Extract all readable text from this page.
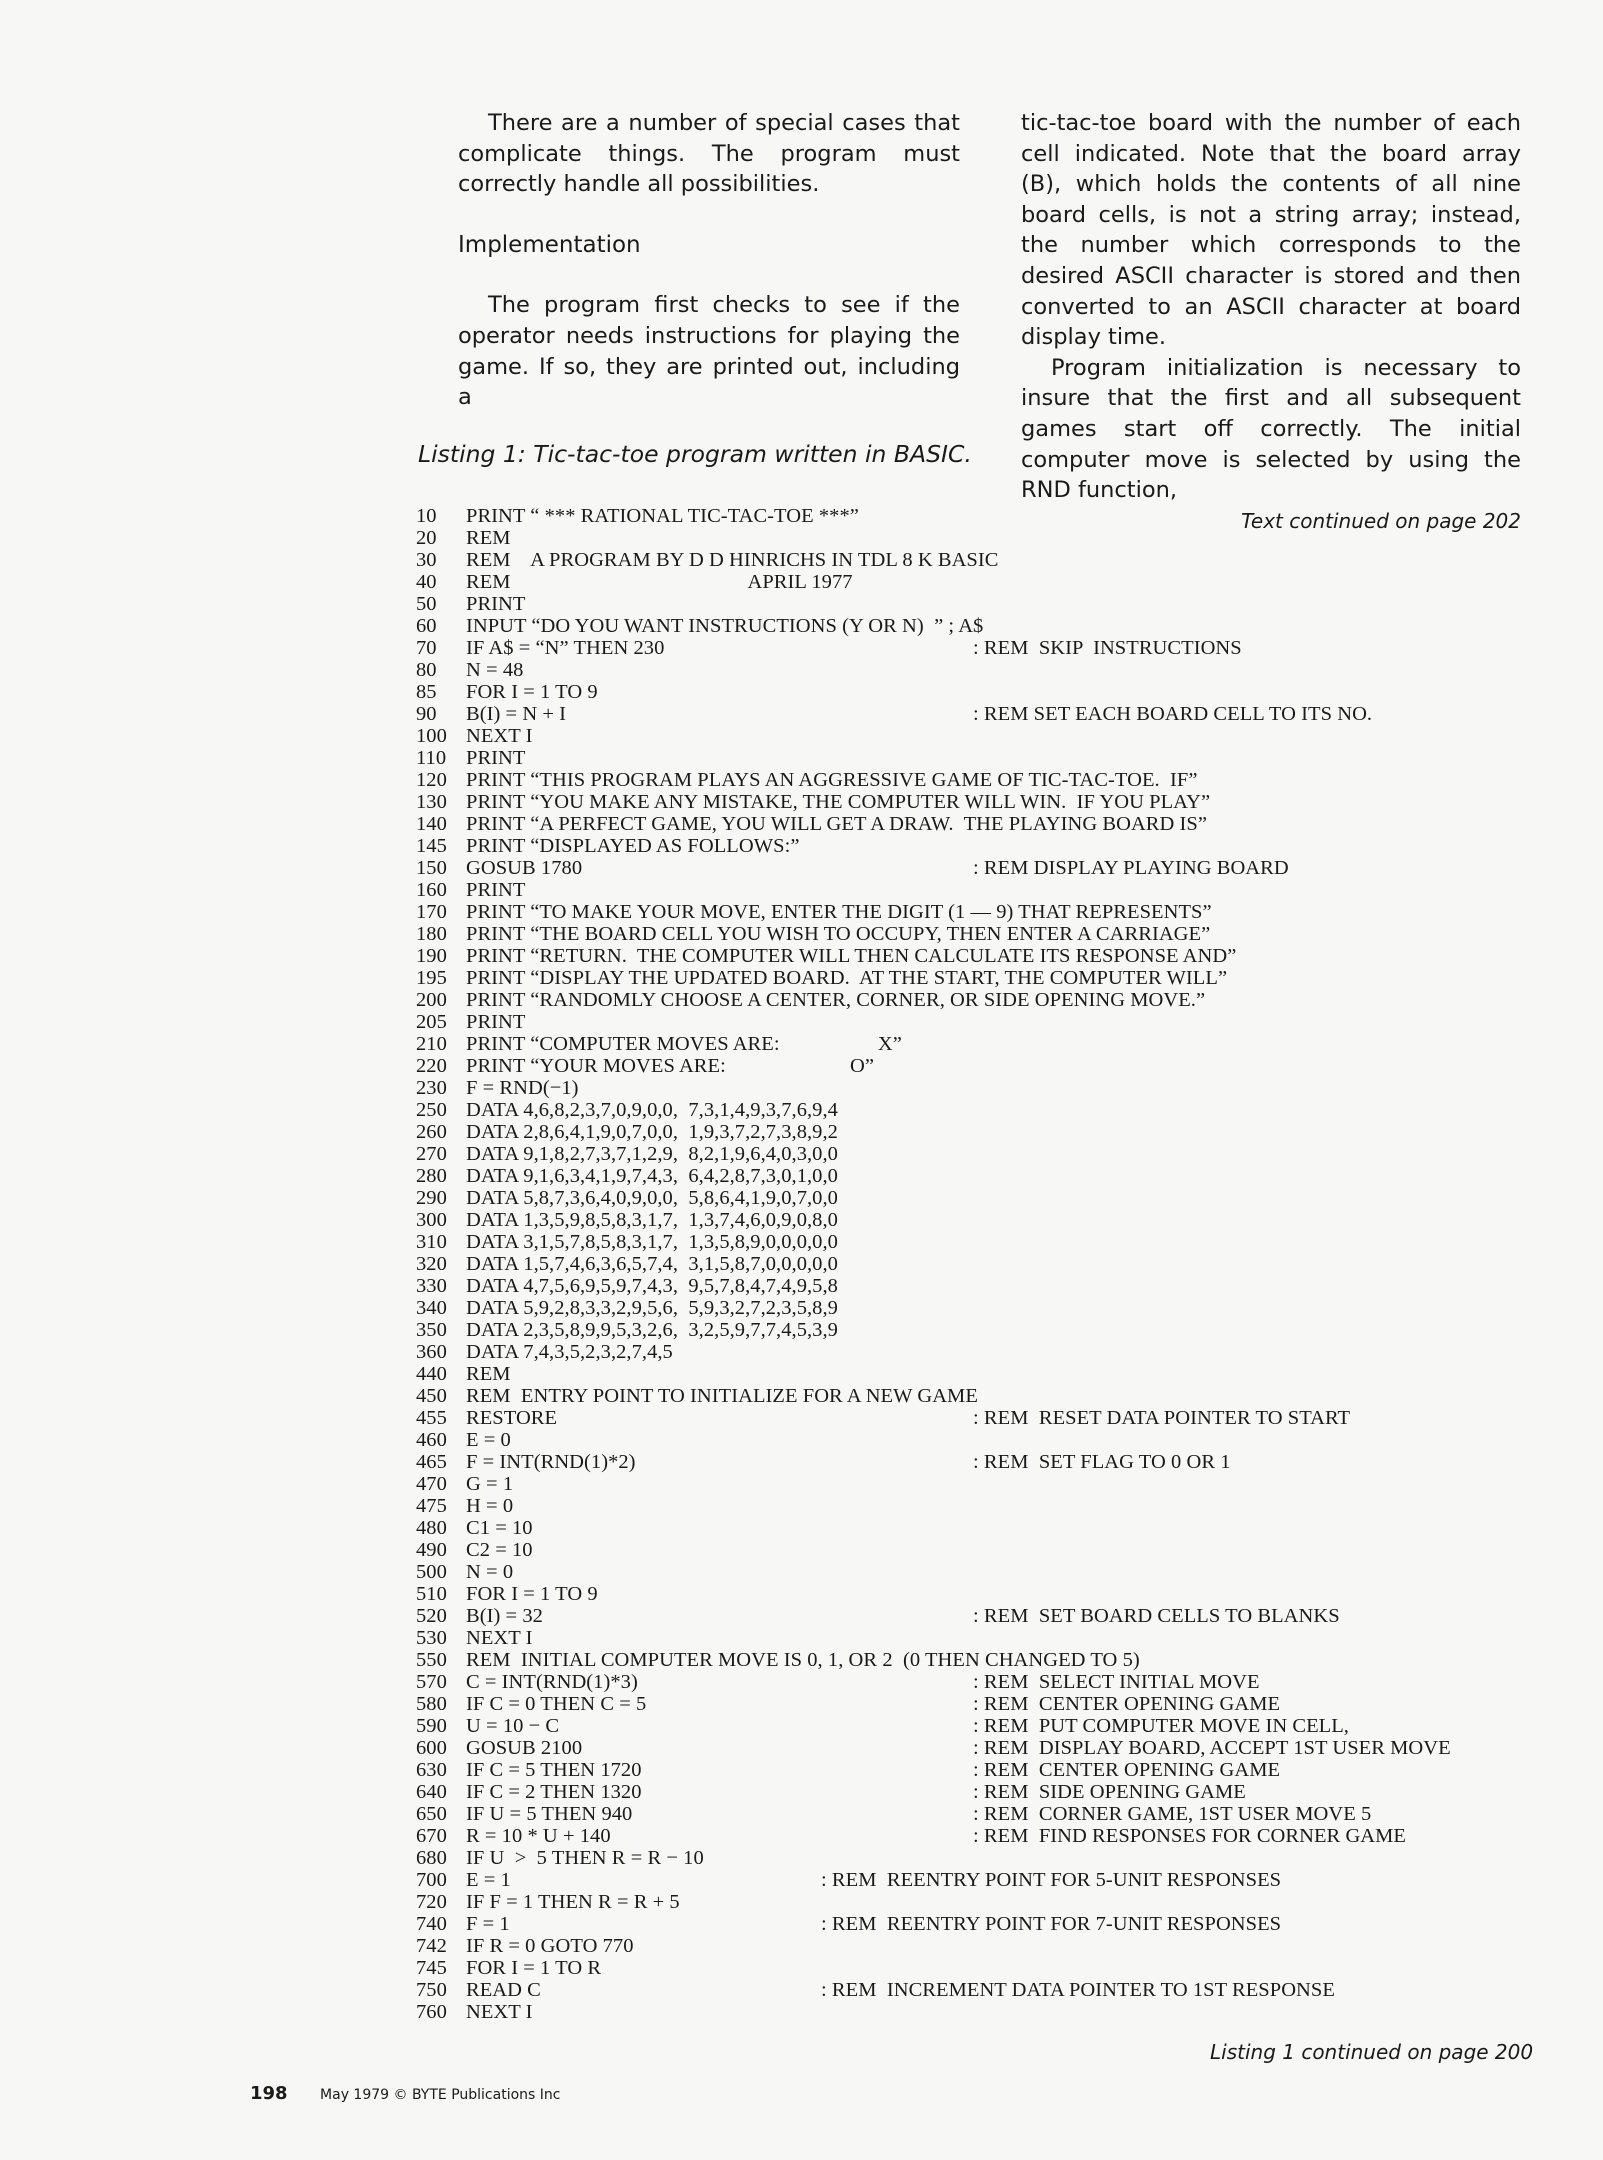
There are a number of special cases that complicate things. The program must correctly handle all possibilities.

Implementation

The program first checks to see if the operator needs instructions for playing the game. If so, they are printed out, including a

tic-tac-toe board with the number of each cell indicated. Note that the board array (B), which holds the contents of all nine board cells, is not a string array; instead, the number which corresponds to the desired ASCII character is stored and then converted to an ASCII character at board display time.

Program initialization is necessary to insure that the first and all subsequent games start off correctly. The initial computer move is selected by using the RND function,

Text continued on page 202

Listing 1: Tic-tac-toe program written in BASIC.
10	PRINT “ *** RATIONAL TIC-TAC-TOE ***”
20	REM
30	REM    A PROGRAM BY D D HINRICHS IN TDL 8 K BASIC
40	REM                                              APRIL 1977
50	PRINT
60	INPUT “DO YOU WANT INSTRUCTIONS (Y OR N)  ” ; A$
70	IF A$ = “N” THEN 230	: REM  SKIP  INSTRUCTIONS
80	N = 48
85	FOR I = 1 TO 9
90	B(I) = N + I	: REM SET EACH BOARD CELL TO ITS NO.
100 NEXT I
110 PRINT
120 PRINT “THIS PROGRAM PLAYS AN AGGRESSIVE GAME OF TIC-TAC-TOE.  IF”
130 PRINT “YOU MAKE ANY MISTAKE, THE COMPUTER WILL WIN.  IF YOU PLAY”
140 PRINT “A PERFECT GAME, YOU WILL GET A DRAW.  THE PLAYING BOARD IS”
145 PRINT “DISPLAYED AS FOLLOWS:”
150 GOSUB 1780	: REM DISPLAY PLAYING BOARD
160 PRINT
170 PRINT “TO MAKE YOUR MOVE, ENTER THE DIGIT (1 — 9) THAT REPRESENTS”
180 PRINT “THE BOARD CELL YOU WISH TO OCCUPY, THEN ENTER A CARRIAGE”
190 PRINT “RETURN.  THE COMPUTER WILL THEN CALCULATE ITS RESPONSE AND”
195 PRINT “DISPLAY THE UPDATED BOARD.  AT THE START, THE COMPUTER WILL”
200 PRINT “RANDOMLY CHOOSE A CENTER, CORNER, OR SIDE OPENING MOVE.”
205 PRINT
210 PRINT “COMPUTER MOVES ARE:                   X”
220 PRINT “YOUR MOVES ARE:                        O”
230 F = RND(−1)
250 DATA 4,6,8,2,3,7,0,9,0,0,  7,3,1,4,9,3,7,6,9,4
260 DATA 2,8,6,4,1,9,0,7,0,0,  1,9,3,7,2,7,3,8,9,2
270 DATA 9,1,8,2,7,3,7,1,2,9,  8,2,1,9,6,4,0,3,0,0
280 DATA 9,1,6,3,4,1,9,7,4,3,  6,4,2,8,7,3,0,1,0,0
290 DATA 5,8,7,3,6,4,0,9,0,0,  5,8,6,4,1,9,0,7,0,0
300 DATA 1,3,5,9,8,5,8,3,1,7,  1,3,7,4,6,0,9,0,8,0
310 DATA 3,1,5,7,8,5,8,3,1,7,  1,3,5,8,9,0,0,0,0,0
320 DATA 1,5,7,4,6,3,6,5,7,4,  3,1,5,8,7,0,0,0,0,0
330 DATA 4,7,5,6,9,5,9,7,4,3,  9,5,7,8,4,7,4,9,5,8
340 DATA 5,9,2,8,3,3,2,9,5,6,  5,9,3,2,7,2,3,5,8,9
350 DATA 2,3,5,8,9,9,5,3,2,6,  3,2,5,9,7,7,4,5,3,9
360 DATA 7,4,3,5,2,3,2,7,4,5
440 REM
450 REM  ENTRY POINT TO INITIALIZE FOR A NEW GAME
455 RESTORE	: REM  RESET DATA POINTER TO START
460 E = 0
465 F = INT(RND(1)*2)	: REM  SET FLAG TO 0 OR 1
470 G = 1
475 H = 0
480 C1 = 10
490 C2 = 10
500 N = 0
510 FOR I = 1 TO 9
520 B(I) = 32	: REM  SET BOARD CELLS TO BLANKS
530 NEXT I
550 REM  INITIAL COMPUTER MOVE IS 0, 1, OR 2  (0 THEN CHANGED TO 5)
570 C = INT(RND(1)*3)	: REM  SELECT INITIAL MOVE
580 IF C = 0 THEN C = 5	: REM  CENTER OPENING GAME
590 U = 10 − C	: REM  PUT COMPUTER MOVE IN CELL,
600 GOSUB 2100	: REM  DISPLAY BOARD, ACCEPT 1ST USER MOVE
630 IF C = 5 THEN 1720	: REM  CENTER OPENING GAME
640 IF C = 2 THEN 1320	: REM  SIDE OPENING GAME
650 IF U = 5 THEN 940	: REM  CORNER GAME, 1ST USER MOVE 5
670 R = 10 * U + 140	: REM  FIND RESPONSES FOR CORNER GAME
680 IF U  >  5 THEN R = R − 10
700 E = 1	: REM  REENTRY POINT FOR 5-UNIT RESPONSES
720 IF F = 1 THEN R = R + 5
740 F = 1	: REM  REENTRY POINT FOR 7-UNIT RESPONSES
742 IF R = 0 GOTO 770
745 FOR I = 1 TO R
750 READ C	: REM  INCREMENT DATA POINTER TO 1ST RESPONSE
760 NEXT I
Listing 1 continued on page 200
198 May 1979 © BYTE Publications Inc
